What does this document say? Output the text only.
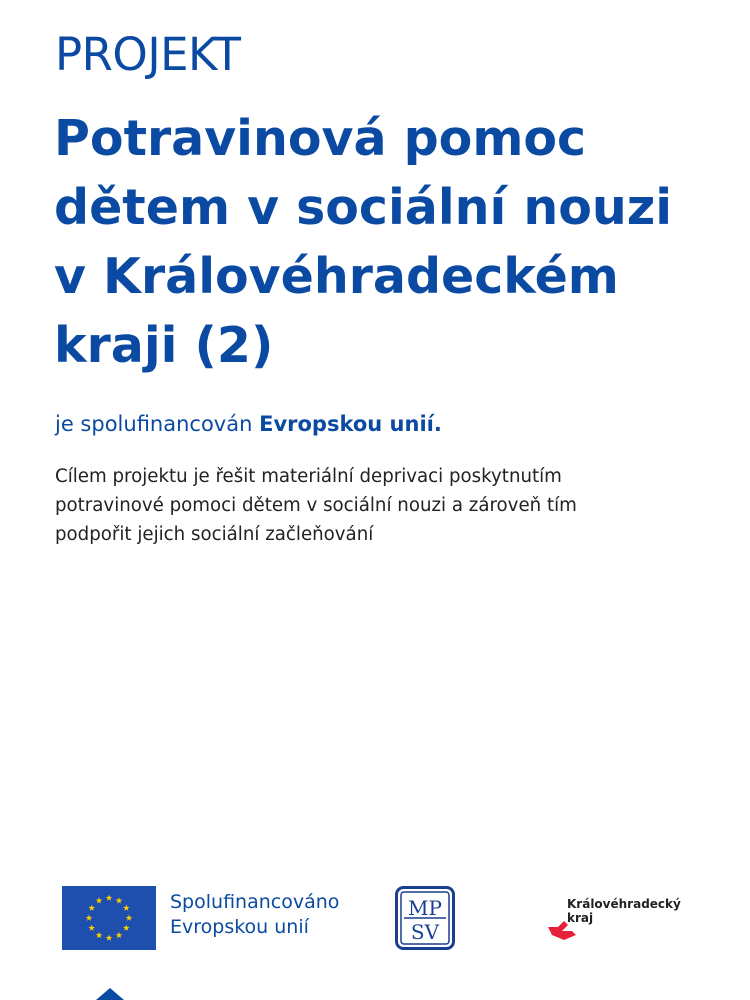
PROJEKT
Potravinová pomoc
dětem v sociální nouzi
v Královéhradeckém
kraji (2)
je spolufinancován Evropskou unií.
Cílem projektu je řešit materiální deprivaci poskytnutím
potravinové pomoci dětem v sociální nouzi a zároveň tím
podpořit jejich sociální začleňování
Spolufinancováno
Evropskou unií
MP
SV
Královéhradecký
kraj
